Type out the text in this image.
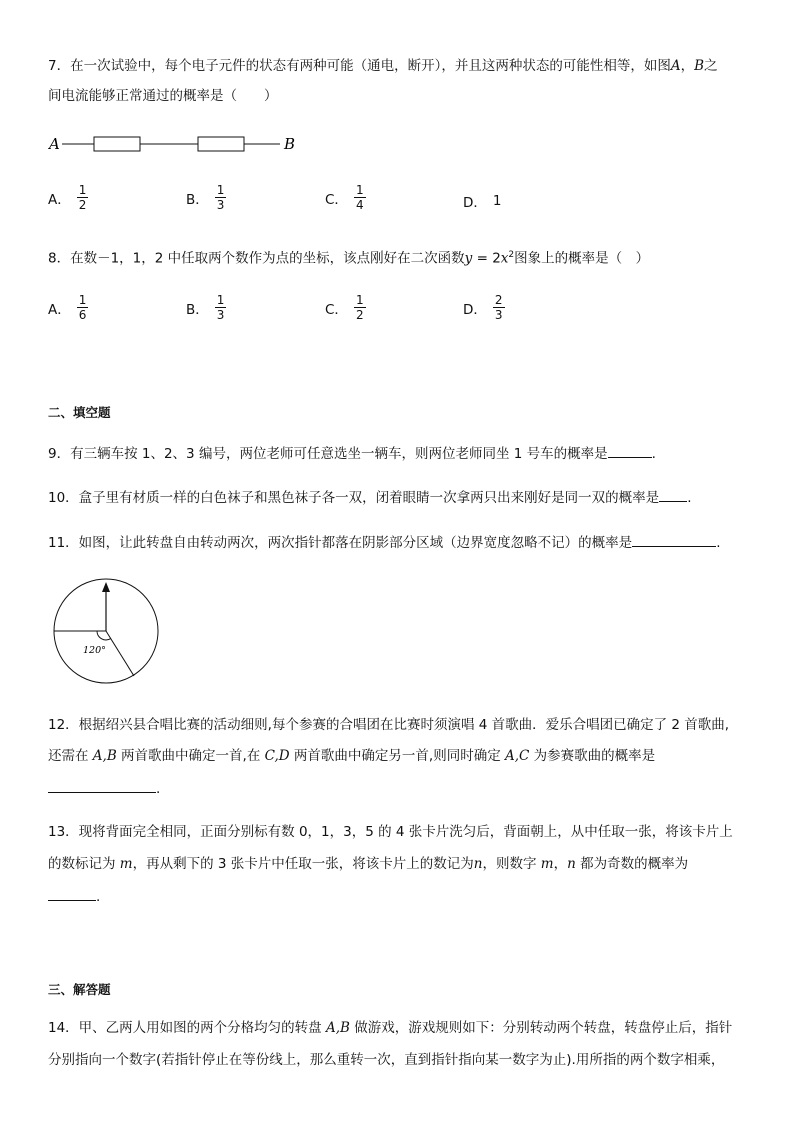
7．在一次试验中，每个电子元件的状态有两种可能（通电，断开），并且这两种状态的可能性相等，如图A，B之
间电流能够正常通过的概率是（　　）
A	B
A． $\frac{1}{2}$	B． $\frac{1}{3}$	C． $\frac{1}{4}$	D． 1
8．在数－1，1，2 中任取两个数作为点的坐标，该点刚好在二次函数$y = 2x^2$图象上的概率是（　）
A． $\frac{1}{6}$	B． $\frac{1}{3}$	C． $\frac{1}{2}$	D． $\frac{2}{3}$
二、填空题
9．有三辆车按 1、2、3 编号，两位老师可任意选坐一辆车，则两位老师同坐 1 号车的概率是	.
10．盒子里有材质一样的白色袜子和黑色袜子各一双，闭着眼睛一次拿两只出来刚好是同一双的概率是 .
11．如图，让此转盘自由转动两次，两次指针都落在阴影部分区域（边界宽度忽略不记）的概率是	.
120°
12．根据绍兴县合唱比赛的活动细则,每个参赛的合唱团在比赛时须演唱 4 首歌曲．爱乐合唱团已确定了 2 首歌曲,
还需在 A,B 两首歌曲中确定一首,在 C,D 两首歌曲中确定另一首,则同时确定 A,C 为参赛歌曲的概率是
.
13．现将背面完全相同，正面分别标有数 0，1，3，5 的 4 张卡片洗匀后，背面朝上，从中任取一张，将该卡片上
的数标记为 m，再从剩下的 3 张卡片中任取一张，将该卡片上的数记为n，则数字 m，n 都为奇数的概率为
.
三、解答题
14．甲、乙两人用如图的两个分格均匀的转盘 A,B 做游戏，游戏规则如下：分别转动两个转盘，转盘停止后，指针
分别指向一个数字(若指针停止在等份线上，那么重转一次，直到指针指向某一数字为止).用所指的两个数字相乘，
